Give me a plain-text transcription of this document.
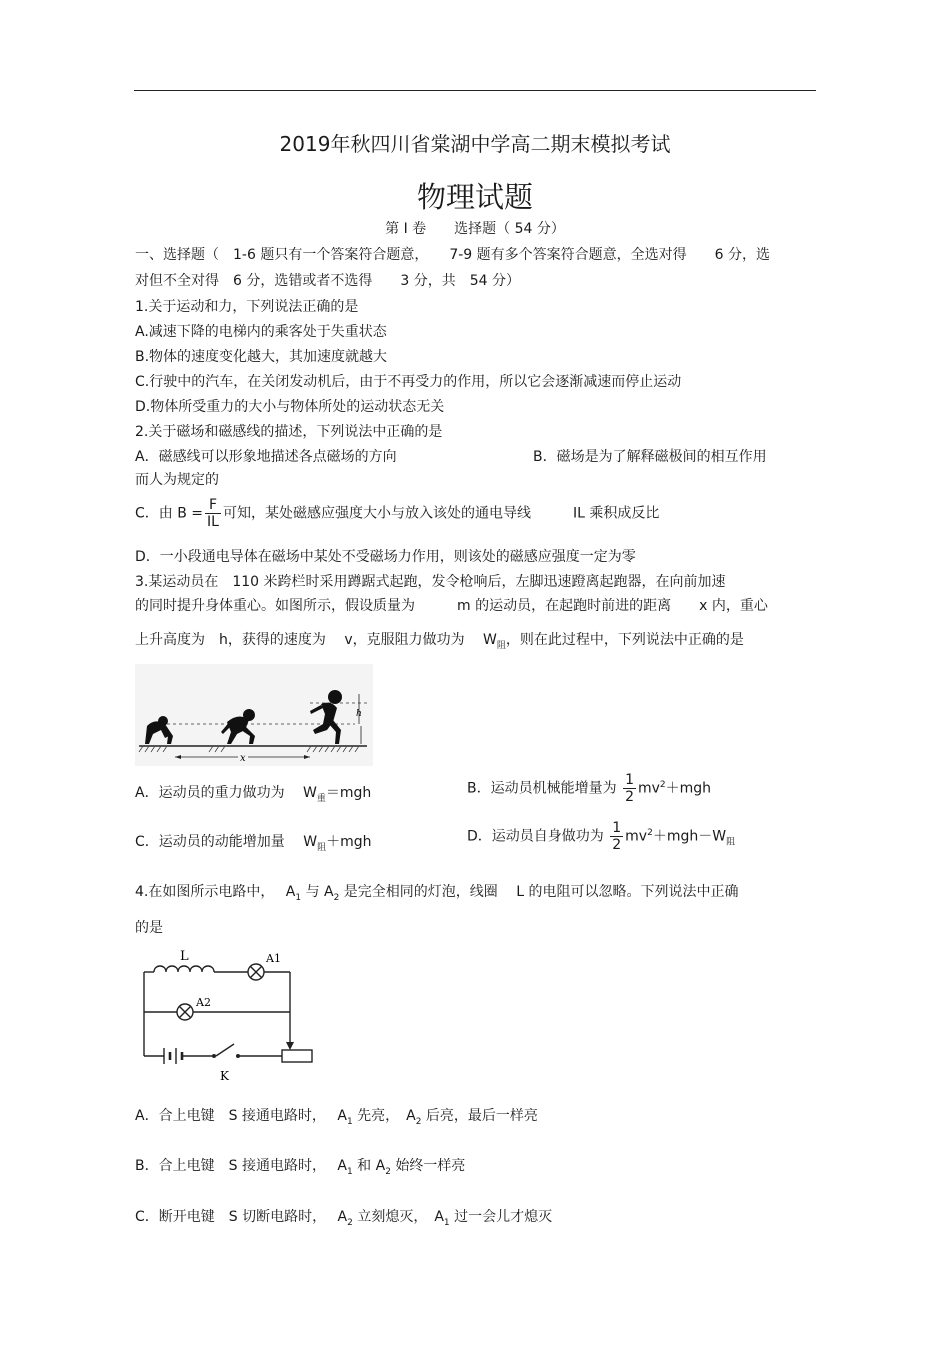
2019年秋四川省棠湖中学高二期末模拟考试
物理试题
第 I 卷　　选择题（ 54 分）
一、选择题（　1-6 题只有一个答案符合题意，　　7-9 题有多个答案符合题意，全选对得　　6 分，选
对但不全对得　6 分，选错或者不选得　　3 分，共　54 分）
1.关于运动和力，下列说法正确的是
A.减速下降的电梯内的乘客处于失重状态
B.物体的速度变化越大，其加速度就越大
C.行驶中的汽车，在关闭发动机后，由于不再受力的作用，所以它会逐渐减速而停止运动
D.物体所受重力的大小与物体所处的运动状态无关
2.关于磁场和磁感线的描述，下列说法中正确的是
A．磁感线可以形象地描述各点磁场的方向	B．磁场是为了解释磁极间的相互作用
而人为规定的
C．由 $B = \frac{F}{IL}$ 可知，某处磁感应强度大小与放入该处的通电导线　　　IL 乘积成反比
D．一小段通电导体在磁场中某处不受磁场力作用，则该处的磁感应强度一定为零
3.某运动员在　110 米跨栏时采用蹲踞式起跑，发令枪响后，左脚迅速蹬离起跑器，在向前加速
的同时提升身体重心。如图所示，假设质量为　　　m 的运动员，在起跑时前进的距离　　x 内，重心
上升高度为　h，获得的速度为　 v，克服阻力做功为　 $W_阻$，则在此过程中，下列说法中正确的是
h
x
A．运动员的重力做功为　 $W_重=mgh$	B．运动员机械能增量为 $\frac{1}{2} mv^2+mgh$
C．运动员的动能增加量　 $W_阻+mgh$	D．运动员自身做功为 $\frac{1}{2} mv^2+mgh-W_阻$
4.在如图所示电路中，　 $A_1$ 与 $A_2$ 是完全相同的灯泡，线圈　 L 的电阻可以忽略。下列说法中正确
的是
L	A1
A2
K
A．合上电键　S 接通电路时，　 $A_1$ 先亮，　$A_2$ 后亮，最后一样亮
B．合上电键　S 接通电路时，　 $A_1$ 和 $A_2$ 始终一样亮
C．断开电键　S 切断电路时，　 $A_2$ 立刻熄灭，　$A_1$ 过一会儿才熄灭
